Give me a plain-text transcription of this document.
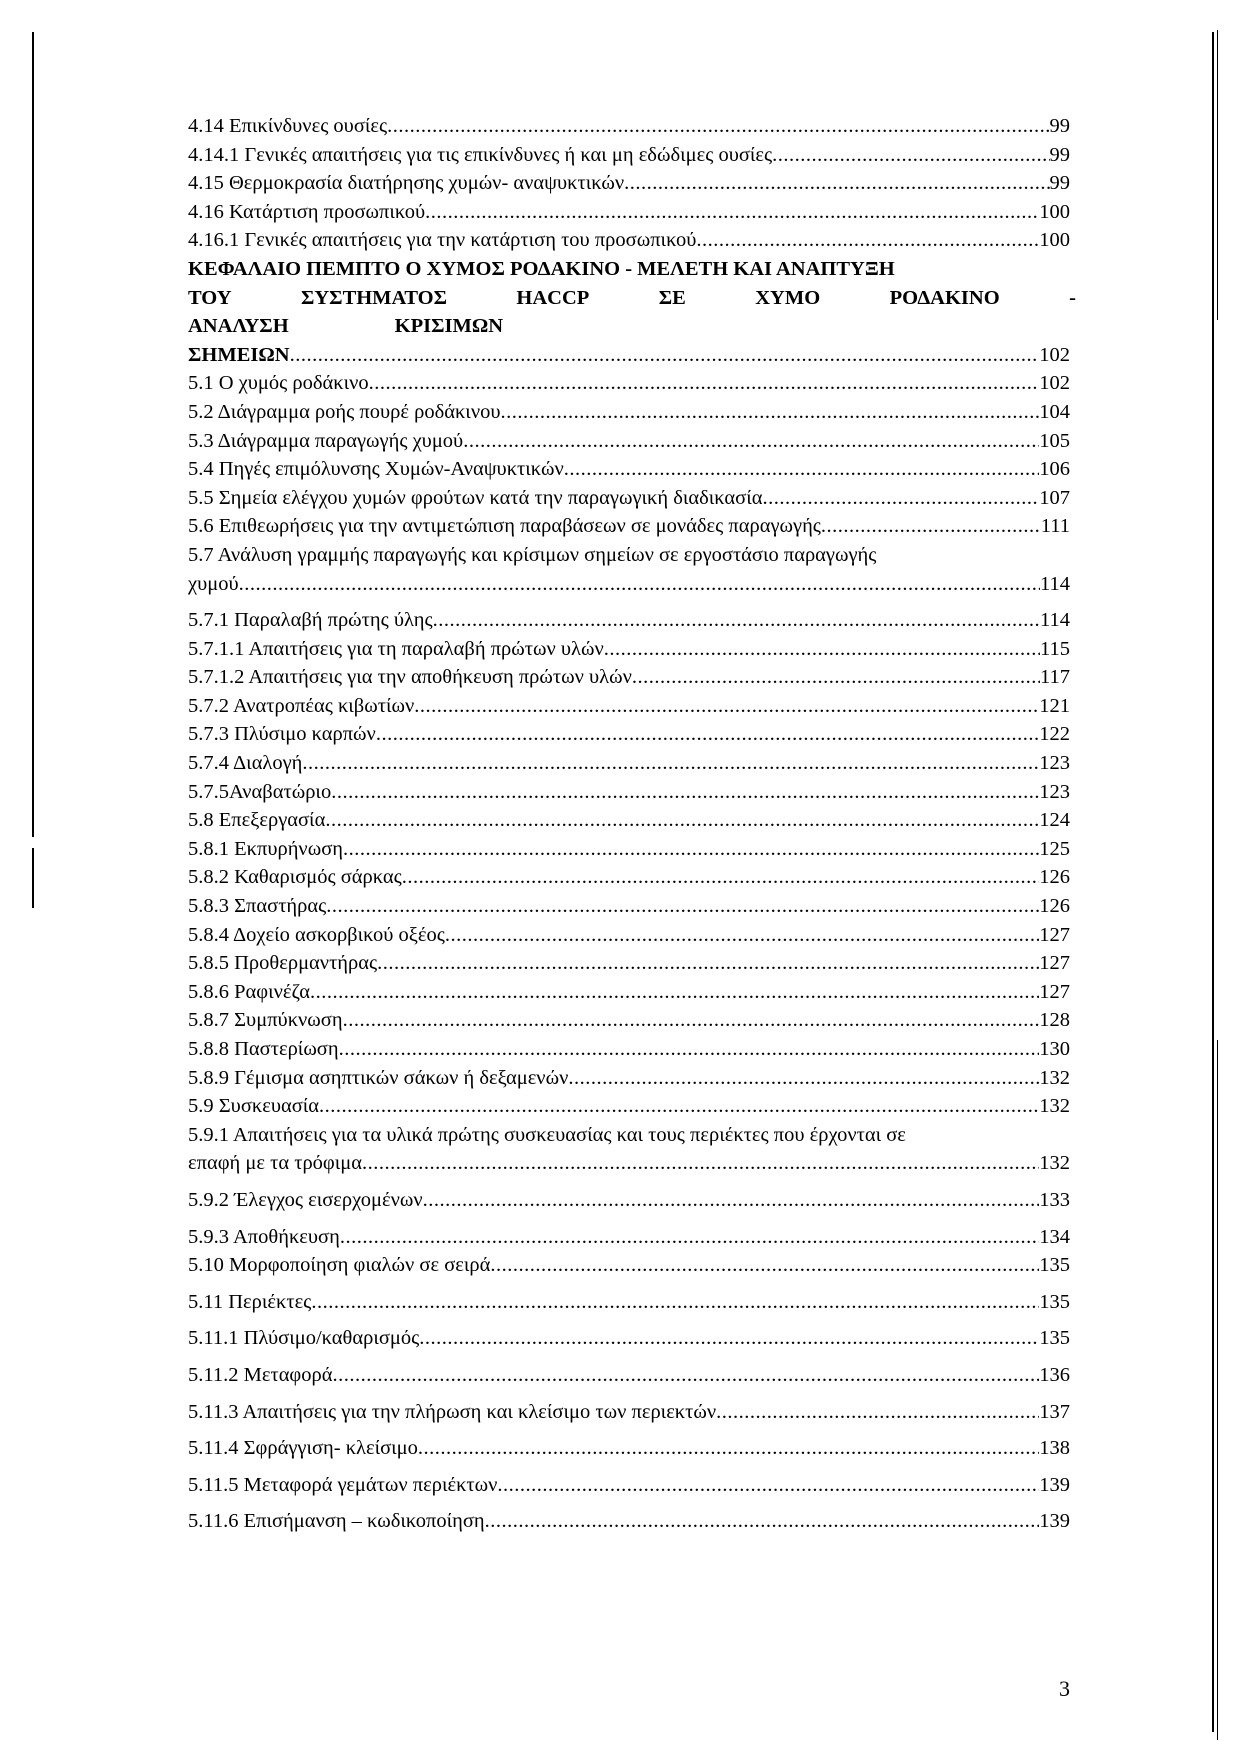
4.14 Επικίνδυνες ουσίες .....	99
4.14.1 Γενικές απαιτήσεις για τις επικίνδυνες ή και μη εδώδιμες ουσίες .....	99
4.15 Θερμοκρασία διατήρησης χυμών- αναψυκτικών .....	99
4.16 Κατάρτιση προσωπικού .....	100
4.16.1 Γενικές απαιτήσεις για την κατάρτιση του προσωπικού .....	100
ΚΕΦΑΛΑΙΟ ΠΕΜΠΤΟ Ο ΧΥΜΟΣ ΡΟΔΑΚΙΝΟ - ΜΕΛΕΤΗ ΚΑΙ ΑΝΑΠΤΥΞΗ
ΤΟΥ	ΣΥΣΤΗΜΑΤΟΣ	HACCP	ΣΕ	ΧΥΜΟ	ΡΟΔΑΚΙΝΟ	-
ΑΝΑΛΥΣΗ	ΚΡΙΣΙΜΩΝ
ΣΗΜΕΙΩΝ .....	102
5.1 Ο χυμός ροδάκινο .....	102
5.2 Διάγραμμα ροής πουρέ ροδάκινου .....	104
5.3 Διάγραμμα παραγωγής χυμού .....	105
5.4 Πηγές επιμόλυνσης Χυμών-Αναψυκτικών .....	106
5.5 Σημεία ελέγχου χυμών φρούτων κατά την παραγωγική διαδικασία .....	107
5.6 Επιθεωρήσεις για την αντιμετώπιση παραβάσεων σε μονάδες παραγωγής .....	111
5.7 Ανάλυση γραμμής παραγωγής και κρίσιμων σημείων σε εργοστάσιο παραγωγής
χυμού .....	114
5.7.1 Παραλαβή πρώτης ύλης .....	114
5.7.1.1 Απαιτήσεις για τη παραλαβή πρώτων υλών .....	115
5.7.1.2 Απαιτήσεις για την αποθήκευση πρώτων υλών .....	117
5.7.2 Ανατροπέας κιβωτίων .....	121
5.7.3 Πλύσιμο καρπών .....	122
5.7.4 Διαλογή .....	123
5.7.5Αναβατώριο .....	123
5.8 Επεξεργασία .....	124
5.8.1 Εκπυρήνωση .....	125
5.8.2 Καθαρισμός σάρκας .....	126
5.8.3 Σπαστήρας .....	126
5.8.4 Δοχείο ασκορβικού οξέος .....	127
5.8.5 Προθερμαντήρας .....	127
5.8.6 Ραφινέζα .....	127
5.8.7 Συμπύκνωση .....	128
5.8.8 Παστερίωση .....	130
5.8.9 Γέμισμα ασηπτικών σάκων ή δεξαμενών .....	132
5.9 Συσκευασία .....	132
5.9.1 Απαιτήσεις για τα υλικά πρώτης συσκευασίας και τους περιέκτες που έρχονται σε
επαφή με τα τρόφιμα .....	132
5.9.2 Έλεγχος εισερχομένων .....	133
5.9.3 Αποθήκευση .....	134
5.10 Μορφοποίηση φιαλών σε σειρά .....	135
5.11 Περιέκτες .....	135
5.11.1 Πλύσιμο/καθαρισμός .....	135
5.11.2 Μεταφορά .....	136
5.11.3 Απαιτήσεις για την πλήρωση και κλείσιμο των περιεκτών .....	137
5.11.4 Σφράγγιση- κλείσιμο .....	138
5.11.5 Μεταφορά γεμάτων περιέκτων .....	139
5.11.6 Επισήμανση – κωδικοποίηση .....	139
3
